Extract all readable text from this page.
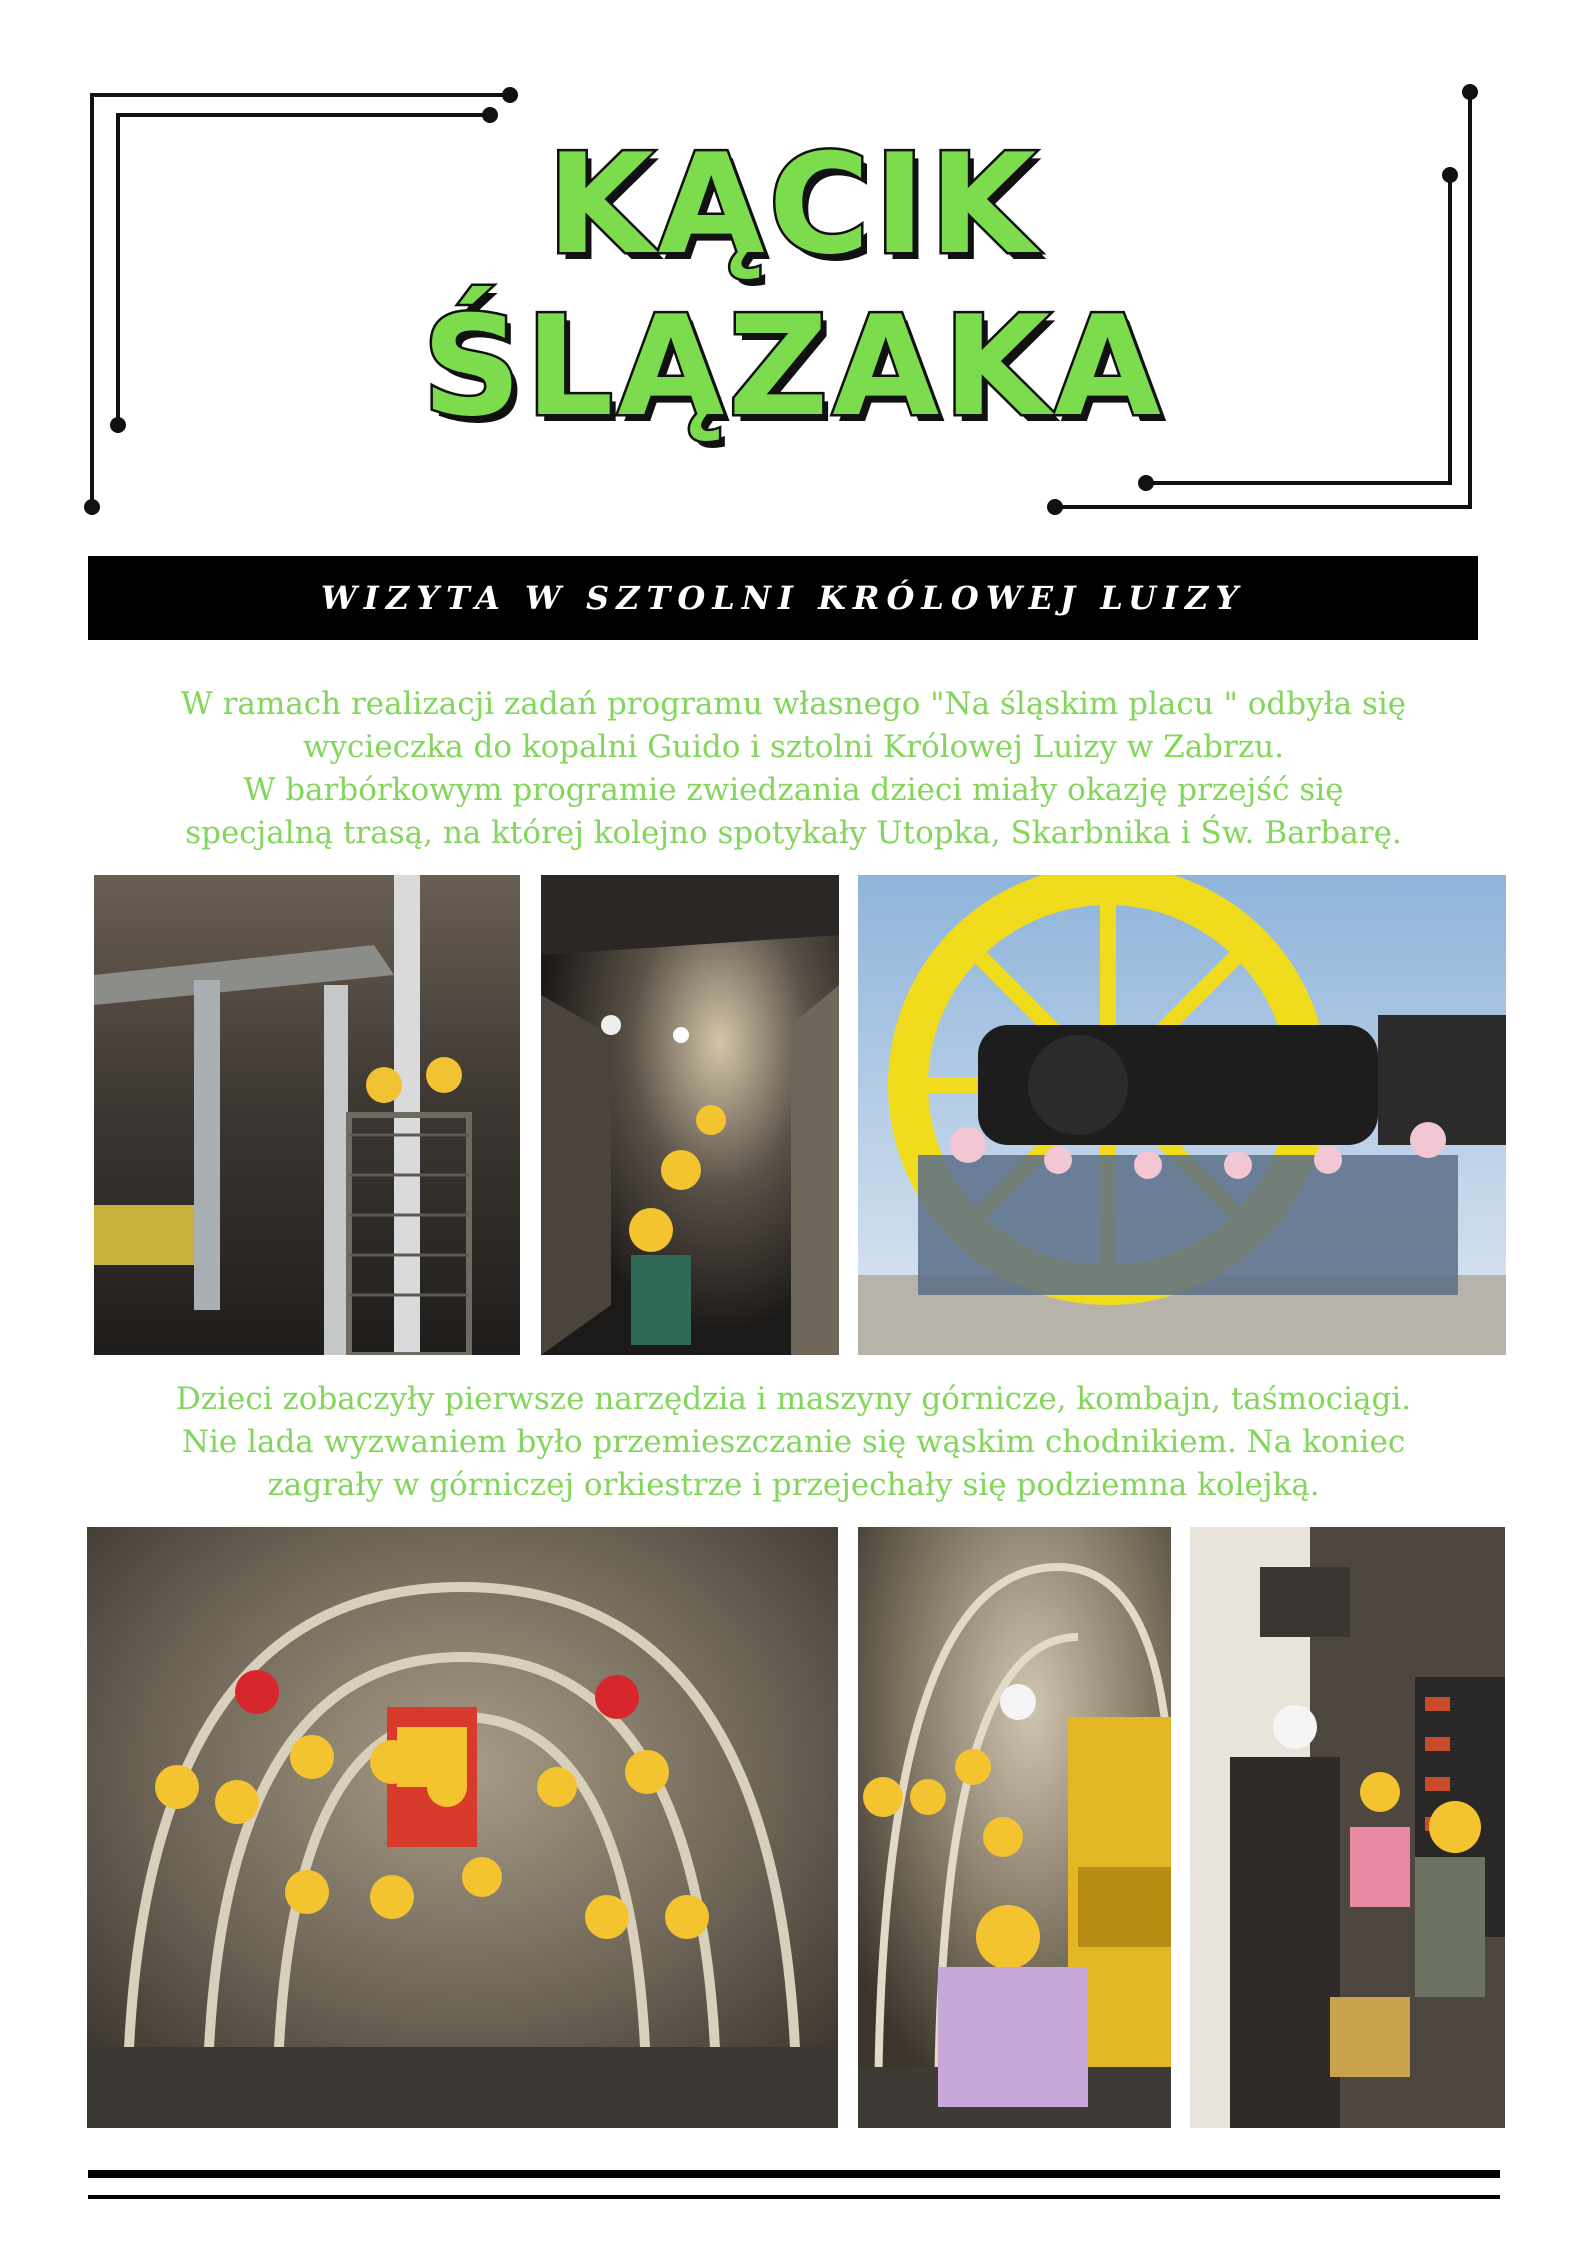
KĄCIK
ŚLĄZAKA
WIZYTA W SZTOLNI KRÓLOWEJ LUIZY
W ramach realizacji zadań programu własnego "Na śląskim placu " odbyła się
wycieczka do kopalni Guido i sztolni Królowej Luizy w Zabrzu.
W barbórkowym programie zwiedzania dzieci miały okazję przejść się
specjalną trasą, na której kolejno spotykały Utopka, Skarbnika i Św. Barbarę.
Dzieci zobaczyły pierwsze narzędzia i maszyny górnicze, kombajn, taśmociągi.
Nie lada wyzwaniem było przemieszczanie się wąskim chodnikiem. Na koniec
zagrały w górniczej orkiestrze i przejechały się podziemna kolejką.
